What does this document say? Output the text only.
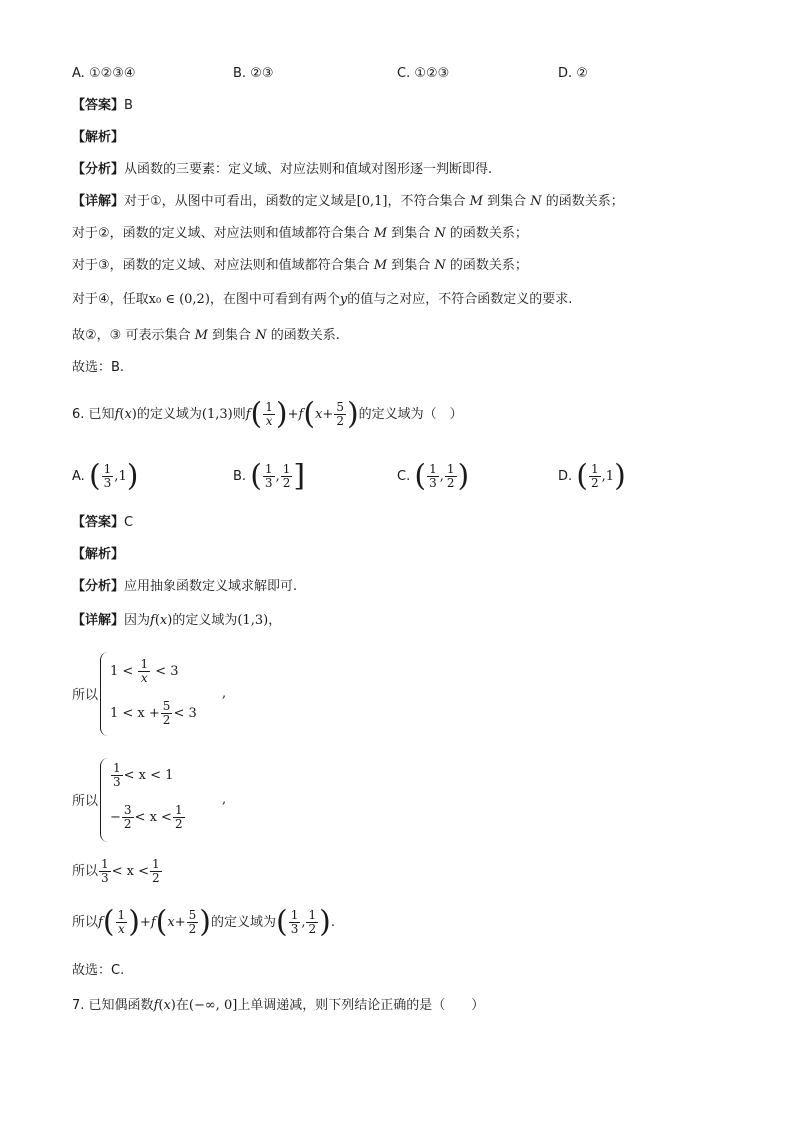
A. ①②③④	B. ②③	C. ①②③	D. ②
【答案】B
【解析】
【分析】从函数的三要素：定义域、对应法则和值域对图形逐一判断即得.
【详解】对于①，从图中可看出，函数的定义域是[0,1]，不符合集合 M 到集合 N 的函数关系；
对于②，函数的定义域、对应法则和值域都符合集合 M 到集合 N 的函数关系；
对于③，函数的定义域、对应法则和值域都符合集合 M 到集合 N 的函数关系；
对于④，任取x₀ ∈ (0,2)，在图中可看到有两个y的值与之对应，不符合函数定义的要求.
故②，③ 可表示集合 M 到集合 N 的函数关系.
故选：B.
6. 已知f(x)的定义域为(1,3)则$f( \frac{1}{x} )+f(x+ \frac{5}{2}$ )的定义域为（　）
A. ( $\frac{1}{3} ,1$)	B. ( $\frac{1}{3}$ , $\frac{1}{2}$ ]	C. ( $\frac{1}{3}$ , $\frac{1}{2}$ )	D. ( $\frac{1}{2} ,1$)
【答案】C
【解析】
【分析】应用抽象函数定义域求解即可.
【详解】因为f(x)的定义域为(1,3)，
所以
$1 < \frac{1}{x} < 3$
$1 < x + \frac{5}{2} < 3$
,
所以
$\frac{1}{3} < x < 1$
− $\frac{3}{2} < x < \frac{1}{2}$
,
所以 $\frac{1}{3} < x < \frac{1}{2}$
所以$f( \frac{1}{x} )+f(x+ \frac{5}{2}$ )的定义域为( $\frac{1}{3}$ , $\frac{1}{2}$ ).
故选：C.
7. 已知偶函数f(x)在(−∞, 0]上单调递减，则下列结论正确的是（　　）
